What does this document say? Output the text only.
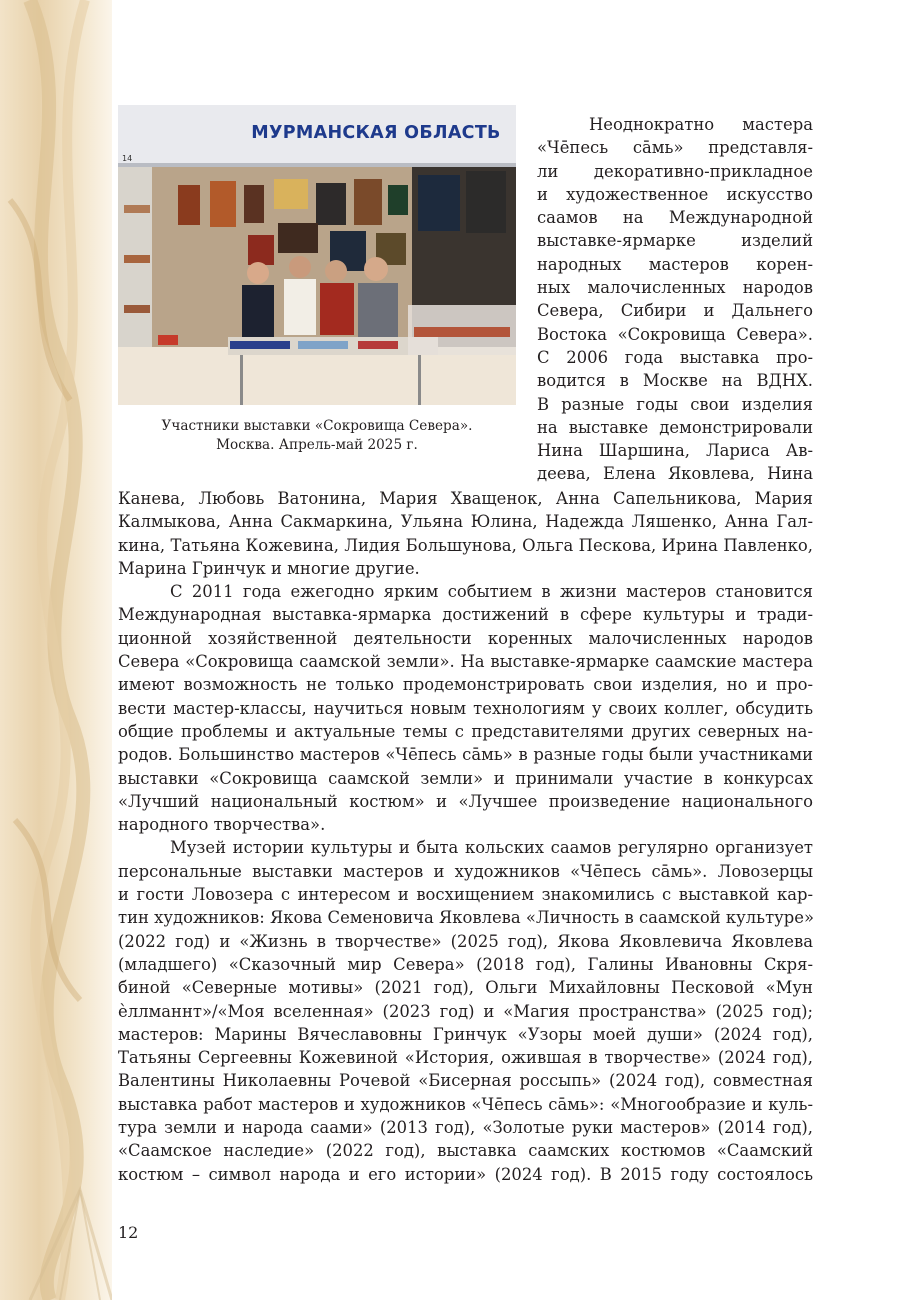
14
МУРМАНСКАЯ ОБЛАСТЬ
Участники выставки «Сокровища Севера».
Москва. Апрель-май 2025 г.
Неоднократно мастера
«Чēпесь сāмь» представля-
ли декоративно-прикладное
и художественное искусство
саамов на Международной
выставке-ярмарке изделий
народных мастеров корен-
ных малочисленных народов
Севера, Сибири и Дальнего
Востока «Сокровища Севера».
С 2006 года выставка про-
водится в Москве на ВДНХ.
В разные годы свои изделия
на выставке демонстрировали
Нина Шаршина, Лариса Ав-
деева, Елена Яковлева, Нина
Канева, Любовь Ватонина, Мария Хващенок, Анна Сапельникова, Мария
Калмыкова, Анна Сакмаркина, Ульяна Юлина, Надежда Ляшенко, Анна Гал-
кина, Татьяна Кожевина, Лидия Большунова, Ольга Пескова, Ирина Павленко,
Марина Гринчук и многие другие.
С 2011 года ежегодно ярким событием в жизни мастеров становится
Международная выставка-ярмарка достижений в сфере культуры и тради-
ционной хозяйственной деятельности коренных малочисленных народов
Севера «Сокровища саамской земли». На выставке-ярмарке саамские мастера
имеют возможность не только продемонстрировать свои изделия, но и про-
вести мастер-классы, научиться новым технологиям у своих коллег, обсудить
общие проблемы и актуальные темы с представителями других северных на-
родов. Большинство мастеров «Чēпесь сāмь» в разные годы были участниками
выставки «Сокровища саамской земли» и принимали участие в конкурсах
«Лучший национальный костюм» и «Лучшее произведение национального
народного творчества».
Музей истории культуры и быта кольских саамов регулярно организует
персональные выставки мастеров и художников «Чēпесь сāмь». Ловозерцы
и гости Ловозера с интересом и восхищением знакомились с выставкой кар-
тин художников: Якова Семеновича Яковлева «Личность в саамской культуре»
(2022 год) и «Жизнь в творчестве» (2025 год), Якова Яковлевича Яковлева
(младшего) «Сказочный мир Севера» (2018 год), Галины Ивановны Скря-
биной «Северные мотивы» (2021 год), Ольги Михайловны Песковой «Мун
ѐллманнт»/«Моя вселенная» (2023 год) и «Магия пространства» (2025 год);
мастеров: Марины Вячеславовны Гринчук «Узоры моей души» (2024 год),
Татьяны Сергеевны Кожевиной «История, ожившая в творчестве» (2024 год),
Валентины Николаевны Рочевой «Бисерная россыпь» (2024 год), совместная
выставка работ мастеров и художников «Чēпесь сāмь»: «Многообразие и куль-
тура земли и народа саами» (2013 год), «Золотые руки мастеров» (2014 год),
«Саамское наследие» (2022 год), выставка саамских костюмов «Саамский
костюм – символ народа и его истории» (2024 год). В 2015 году состоялось
12
